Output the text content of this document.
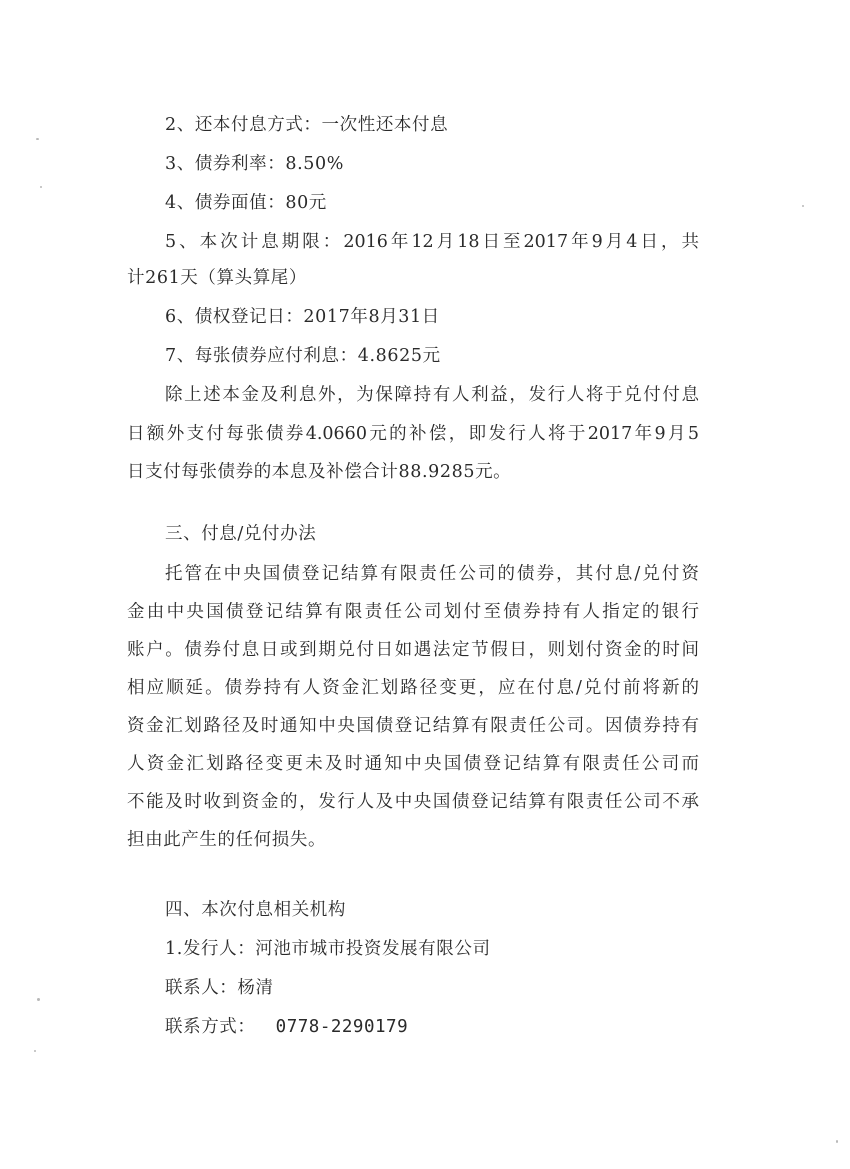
2、还本付息方式：一次性还本付息
3、债券利率：8.50%
4、债券面值：80元
5、本次计息期限：2016年12月18日至2017年9月4日，共
计261天（算头算尾）
6、债权登记日：2017年8月31日
7、每张债券应付利息：4.8625元
除上述本金及利息外，为保障持有人利益，发行人将于兑付付息
日额外支付每张债券4.0660元的补偿，即发行人将于2017年9月5
日支付每张债券的本息及补偿合计88.9285元。
三、付息/兑付办法
托管在中央国债登记结算有限责任公司的债券，其付息/兑付资
金由中央国债登记结算有限责任公司划付至债券持有人指定的银行
账户。债券付息日或到期兑付日如遇法定节假日，则划付资金的时间
相应顺延。债券持有人资金汇划路径变更，应在付息/兑付前将新的
资金汇划路径及时通知中央国债登记结算有限责任公司。因债券持有
人资金汇划路径变更未及时通知中央国债登记结算有限责任公司而
不能及时收到资金的，发行人及中央国债登记结算有限责任公司不承
担由此产生的任何损失。
四、本次付息相关机构
1.发行人：河池市城市投资发展有限公司
联系人：杨清
联系方式： 0778-2290179
